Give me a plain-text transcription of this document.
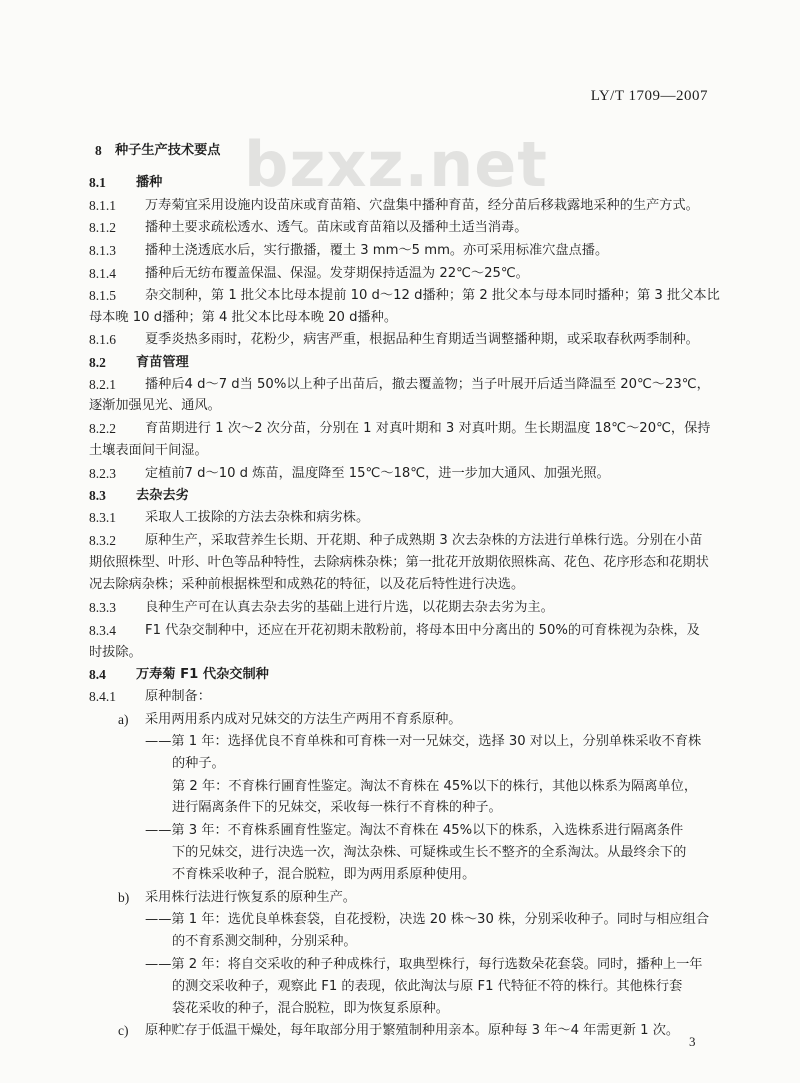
LY/T 1709—2007
bzxz.net
8 种子生产技术要点
8.1 播种
8.1.1 万寿菊宜采用设施内设苗床或育苗箱、穴盘集中播种育苗，经分苗后移栽露地采种的生产方式。
8.1.2 播种土要求疏松透水、透气。苗床或育苗箱以及播种土适当消毒。
8.1.3 播种土浇透底水后，实行撒播，覆土 3 mm～5 mm。亦可采用标准穴盘点播。
8.1.4 播种后无纺布覆盖保温、保湿。发芽期保持适温为 22℃～25℃。
8.1.5 杂交制种，第 1 批父本比母本提前 10 d～12 d播种；第 2 批父本与母本同时播种；第 3 批父本比
母本晚 10 d播种；第 4 批父本比母本晚 20 d播种。
8.1.6 夏季炎热多雨时，花粉少，病害严重，根据品种生育期适当调整播种期，或采取春秋两季制种。
8.2 育苗管理
8.2.1 播种后4 d～7 d当 50%以上种子出苗后，撤去覆盖物；当子叶展开后适当降温至 20℃～23℃，
逐渐加强见光、通风。
8.2.2 育苗期进行 1 次～2 次分苗，分别在 1 对真叶期和 3 对真叶期。生长期温度 18℃～20℃，保持
土壤表面间干间湿。
8.2.3 定植前7 d～10 d 炼苗，温度降至 15℃～18℃，进一步加大通风、加强光照。
8.3 去杂去劣
8.3.1 采取人工拔除的方法去杂株和病劣株。
8.3.2 原种生产，采取营养生长期、开花期、种子成熟期 3 次去杂株的方法进行单株行选。分别在小苗
期依照株型、叶形、叶色等品种特性，去除病株杂株；第一批花开放期依照株高、花色、花序形态和花期状
况去除病杂株；采种前根据株型和成熟花的特征，以及花后特性进行决选。
8.3.3 良种生产可在认真去杂去劣的基础上进行片选，以花期去杂去劣为主。
8.3.4 F1 代杂交制种中，还应在开花初期未散粉前，将母本田中分离出的 50%的可育株视为杂株，及
时拔除。
8.4 万寿菊 F1 代杂交制种
8.4.1 原种制备：
a) 采用两用系内成对兄妹交的方法生产两用不育系原种。
——第 1 年：选择优良不育单株和可育株一对一兄妹交，选择 30 对以上，分别单株采收不育株
的种子。
第 2 年：不育株行圃育性鉴定。淘汰不育株在 45%以下的株行，其他以株系为隔离单位，
进行隔离条件下的兄妹交，采收每一株行不育株的种子。
——第 3 年：不育株系圃育性鉴定。淘汰不育株在 45%以下的株系，入选株系进行隔离条件
下的兄妹交，进行决选一次，淘汰杂株、可疑株或生长不整齐的全系淘汰。从最终余下的
不育株采收种子，混合脱粒，即为两用系原种使用。
b) 采用株行法进行恢复系的原种生产。
——第 1 年：选优良单株套袋，自花授粉，决选 20 株～30 株，分别采收种子。同时与相应组合
的不育系测交制种，分别采种。
——第 2 年：将自交采收的种子种成株行，取典型株行，每行选数朵花套袋。同时，播种上一年
的测交采收种子，观察此 F1 的表现，依此淘汰与原 F1 代特征不符的株行。其他株行套
袋花采收的种子，混合脱粒，即为恢复系原种。
c) 原种贮存于低温干燥处，每年取部分用于繁殖制种用亲本。原种每 3 年～4 年需更新 1 次。
3
